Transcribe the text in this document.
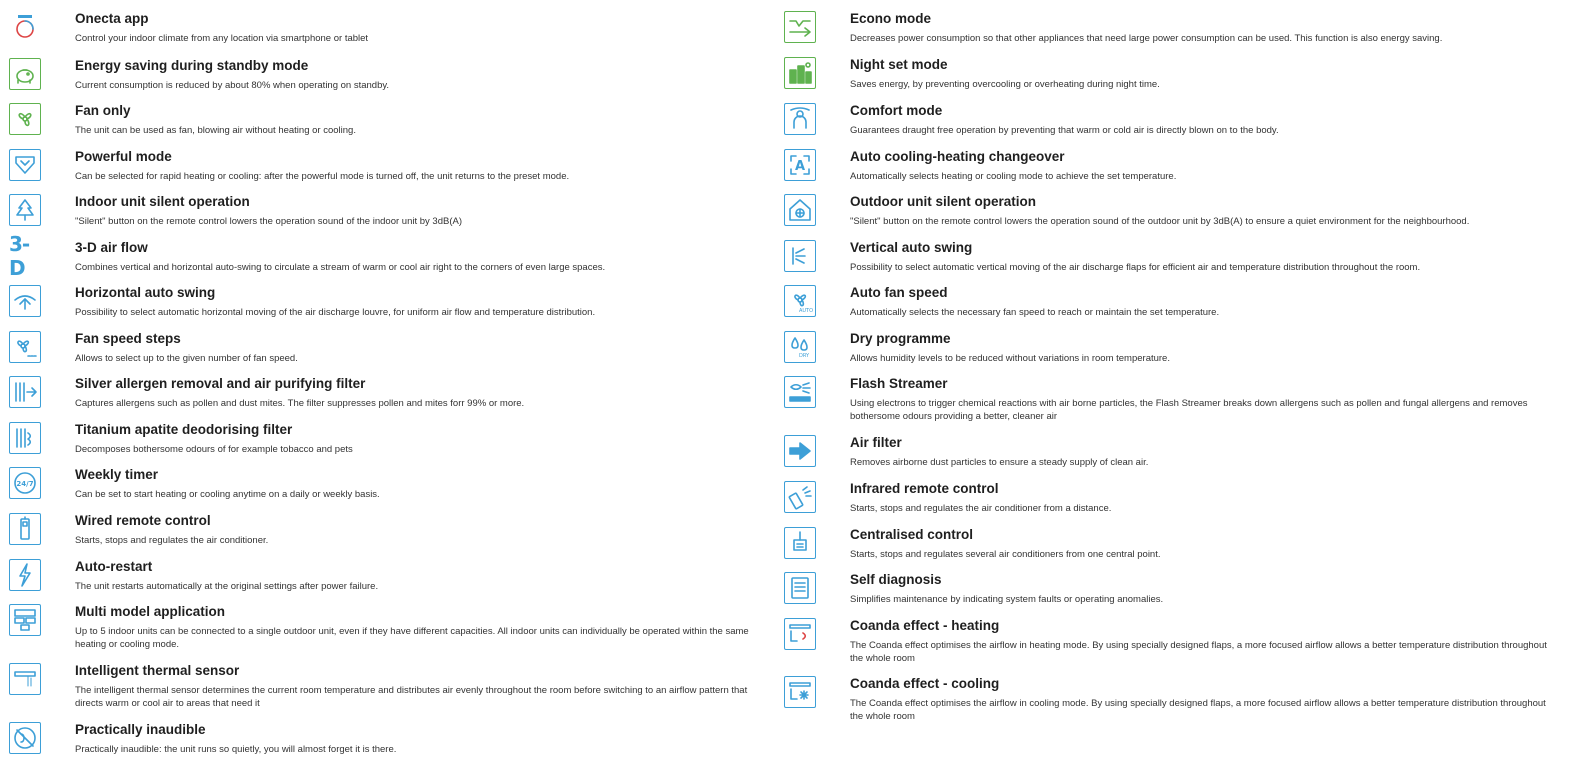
Onecta app
Control your indoor climate from any location via smartphone or tablet
Energy saving during standby mode
Current consumption is reduced by about 80% when operating on standby.
Fan only
The unit can be used as fan, blowing air without heating or cooling.
Powerful mode
Can be selected for rapid heating or cooling: after the powerful mode is turned off, the unit returns to the preset mode.
Indoor unit silent operation
"Silent" button on the remote control lowers the operation sound of the indoor unit by 3dB(A)
3-D
3-D air flow
Combines vertical and horizontal auto-swing to circulate a stream of warm or cool air right to the corners of even large spaces.
Horizontal auto swing
Possibility to select automatic horizontal moving of the air discharge louvre, for uniform air flow and temperature distribution.
Fan speed steps
Allows to select up to the given number of fan speed.
Silver allergen removal and air purifying filter
Captures allergens such as pollen and dust mites. The filter suppresses pollen and mites forr 99% or more.
Titanium apatite deodorising filter
Decomposes bothersome odours of for example tobacco and pets
24/7
Weekly timer
Can be set to start heating or cooling anytime on a daily or weekly basis.
Wired remote control
Starts, stops and regulates the air conditioner.
Auto-restart
The unit restarts automatically at the original settings after power failure.
Multi model application
Up to 5 indoor units can be connected to a single outdoor unit, even if they have different capacities. All indoor units can individually be operated within the same heating or cooling mode.
Intelligent thermal sensor
The intelligent thermal sensor determines the current room temperature and distributes air evenly throughout the room before switching to an airflow pattern that directs warm or cool air to areas that need it
Practically inaudible
Practically inaudible: the unit runs so quietly, you will almost forget it is there.
Econo mode
Decreases power consumption so that other appliances that need large power consumption can be used. This function is also energy saving.
Night set mode
Saves energy, by preventing overcooling or overheating during night time.
Comfort mode
Guarantees draught free operation by preventing that warm or cold air is directly blown on to the body.
A
Auto cooling-heating changeover
Automatically selects heating or cooling mode to achieve the set temperature.
Outdoor unit silent operation
"Silent" button on the remote control lowers the operation sound of the outdoor unit by 3dB(A) to ensure a quiet environment for the neighbourhood.
Vertical auto swing
Possibility to select automatic vertical moving of the air discharge flaps for efficient air and temperature distribution throughout the room.
AUTO
Auto fan speed
Automatically selects the necessary fan speed to reach or maintain the set temperature.
DRY
Dry programme
Allows humidity levels to be reduced without variations in room temperature.
Flash Streamer
Using electrons to trigger chemical reactions with air borne particles, the Flash Streamer breaks down allergens such as pollen and fungal allergens and removes bothersome odours providing a better, cleaner air
Air filter
Removes airborne dust particles to ensure a steady supply of clean air.
Infrared remote control
Starts, stops and regulates the air conditioner from a distance.
Centralised control
Starts, stops and regulates several air conditioners from one central point.
Self diagnosis
Simplifies maintenance by indicating system faults or operating anomalies.
Coanda effect - heating
The Coanda effect optimises the airflow in heating mode. By using specially designed flaps, a more focused airflow allows a better temperature distribution throughout the whole room
Coanda effect - cooling
The Coanda effect optimises the airflow in cooling mode. By using specially designed flaps, a more focused airflow allows a better temperature distribution throughout the whole room
